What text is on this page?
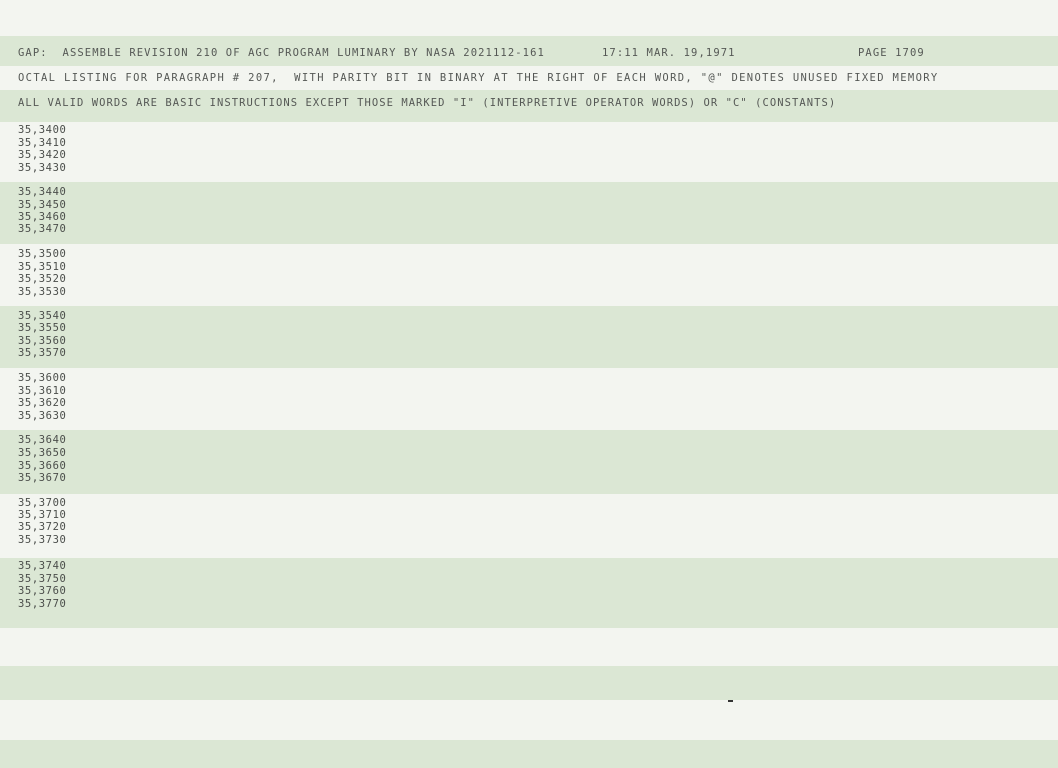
GAP:  ASSEMBLE REVISION 210 OF AGC PROGRAM LUMINARY BY NASA 2021112-161	17:11 MAR. 19,1971	PAGE 1709
OCTAL LISTING FOR PARAGRAPH # 207,  WITH PARITY BIT IN BINARY AT THE RIGHT OF EACH WORD, "@" DENOTES UNUSED FIXED MEMORY
ALL VALID WORDS ARE BASIC INSTRUCTIONS EXCEPT THOSE MARKED "I" (INTERPRETIVE OPERATOR WORDS) OR "C" (CONSTANTS)
35,3400
35,3410
35,3420
35,3430
35,3440
35,3450
35,3460
35,3470
35,3500
35,3510
35,3520
35,3530
35,3540
35,3550
35,3560
35,3570
35,3600
35,3610
35,3620
35,3630
35,3640
35,3650
35,3660
35,3670
35,3700
35,3710
35,3720
35,3730
35,3740
35,3750
35,3760
35,3770
